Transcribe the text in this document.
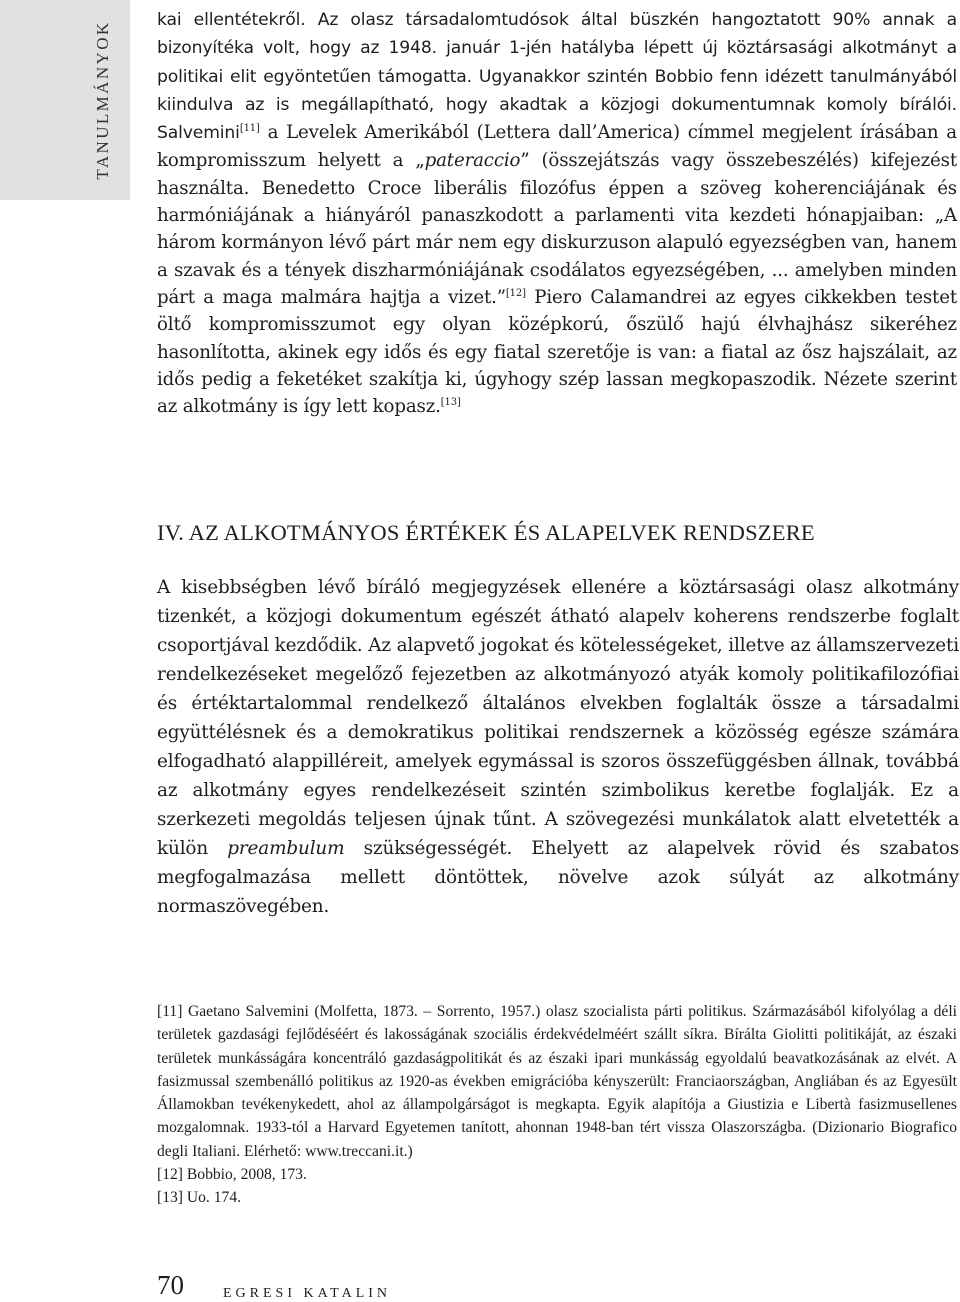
TANULMÁNYOK

kai ellentétekről. Az olasz társadalomtudósok által büszkén hangoztatott 90% annak a bizonyítéka volt, hogy az 1948. január 1-jén hatályba lépett új köztársasági alkotmányt a politikai elit egyöntetűen támogatta. Ugyanakkor szintén Bobbio fenn idézett tanulmányából kiindulva az is megállapítható, hogy akadtak a közjogi dokumentumnak komoly bírálói. Salvemini[11] a Levelek Amerikából (Lettera dall’America) címmel megjelent írásában a kompromisszum helyett a „pateraccio” (összejátszás vagy összebeszélés) kifejezést használta. Benedetto Croce liberális filozófus éppen a szöveg koherenciájának és harmóniájának a hiányáról panaszkodott a parlamenti vita kezdeti hónapjaiban: „A három kormányon lévő párt már nem egy diskurzuson alapuló egyezségben van, hanem a szavak és a tények diszharmóniájának csodálatos egyezségében, ... amelyben minden párt a maga malmára hajtja a vizet.”[12] Piero Calamandrei az egyes cikkekben testet öltő kompromisszumot egy olyan középkorú, őszülő hajú élvhajhász sikeréhez hasonlította, akinek egy idős és egy fiatal szeretője is van: a fiatal az ősz hajszálait, az idős pedig a feketéket szakítja ki, úgyhogy szép lassan megkopaszodik. Nézete szerint az alkotmány is így lett kopasz.[13]

IV. AZ ALKOTMÁNYOS ÉRTÉKEK ÉS ALAPELVEK RENDSZERE

A kisebbségben lévő bíráló megjegyzések ellenére a köztársasági olasz alkotmány tizenkét, a közjogi dokumentum egészét átható alapelv koherens rendszerbe foglalt csoportjával kezdődik. Az alapvető jogokat és kötelességeket, illetve az államszervezeti rendelkezéseket megelőző fejezetben az alkotmányozó atyák komoly politikafilozófiai és értéktartalommal rendelkező általános elvekben foglalták össze a társadalmi együttélésnek és a demokratikus politikai rendszernek a közösség egésze számára elfogadható alappilléreit, amelyek egymással is szoros összefüggésben állnak, továbbá az alkotmány egyes rendelkezéseit szintén szimbolikus keretbe foglalják. Ez a szerkezeti megoldás teljesen újnak tűnt. A szövegezési munkálatok alatt elvetették a külön preambulum szükségességét. Ehelyett az alapelvek rövid és szabatos megfogalmazása mellett döntöttek, növelve azok súlyát az alkotmány normaszövegében.

[11] Gaetano Salvemini (Molfetta, 1873. – Sorrento, 1957.) olasz szocialista párti politikus. Származásából kifolyólag a déli területek gazdasági fejlődéséért és lakosságának szociális érdekvédelméért szállt síkra. Bírálta Giolitti politikáját, az északi területek munkásságára koncentráló gazdaságpolitikát és az északi ipari munkásság egyoldalú beavatkozásának az elvét. A fasizmussal szembenálló politikus az 1920-as években emigrációba kényszerült: Franciaországban, Angliában és az Egyesült Államokban tevékenykedett, ahol az állampolgárságot is megkapta. Egyik alapítója a Giustizia e Libertà fasizmusellenes mozgalomnak. 1933-tól a Harvard Egyetemen tanított, ahonnan 1948-ban tért vissza Olaszországba. (Dizionario Biografico degli Italiani. Elérhető: www.treccani.it.)

[12] Bobbio, 2008, 173.

[13] Uo. 174.

70	EGRESI KATALIN
